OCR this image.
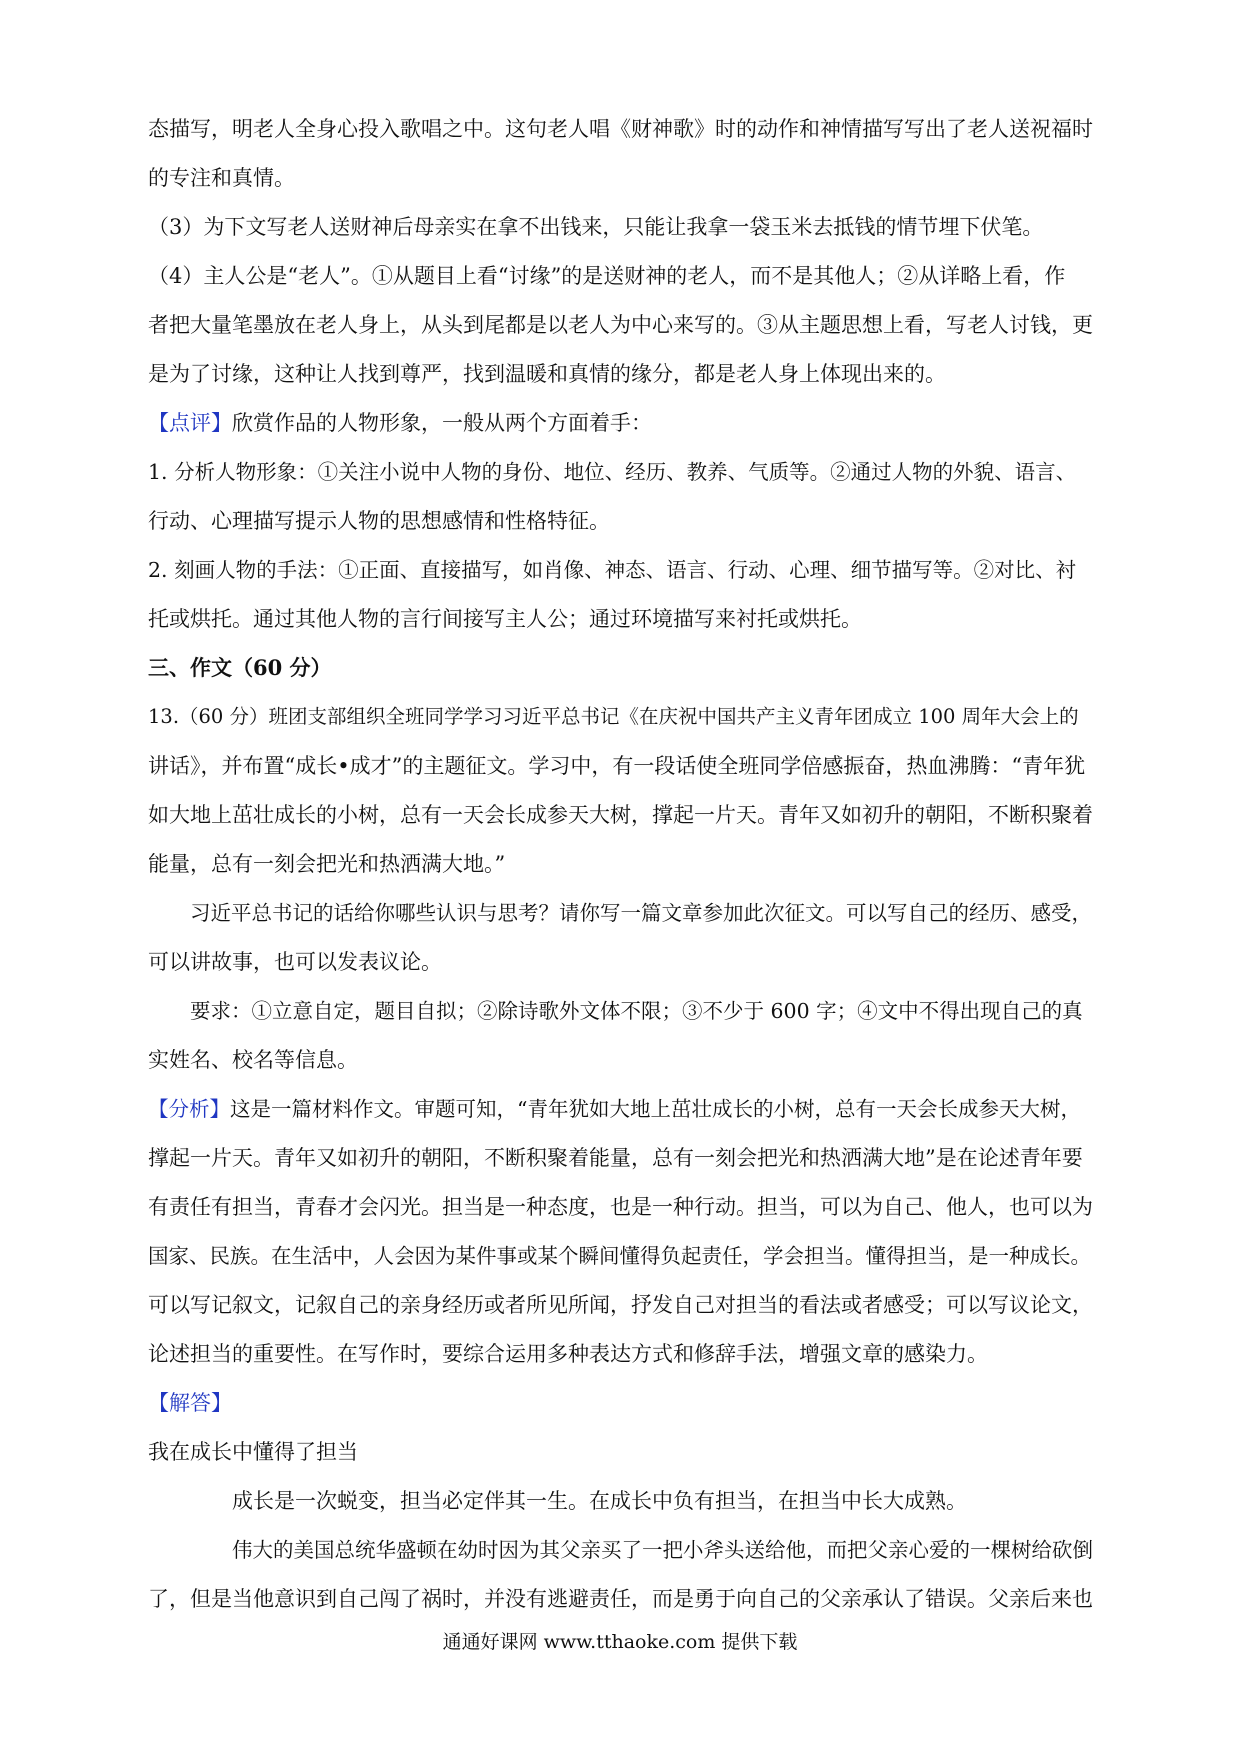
态描写，明老人全身心投入歌唱之中。这句老人唱《财神歌》时的动作和神情描写写出了老人送祝福时
的专注和真情。
（3）为下文写老人送财神后母亲实在拿不出钱来，只能让我拿一袋玉米去抵钱的情节埋下伏笔。
（4）主人公是“老人”。①从题目上看“讨缘”的是送财神的老人，而不是其他人；②从详略上看，作
者把大量笔墨放在老人身上，从头到尾都是以老人为中心来写的。③从主题思想上看，写老人讨钱，更
是为了讨缘，这种让人找到尊严，找到温暖和真情的缘分，都是老人身上体现出来的。
【点评】欣赏作品的人物形象，一般从两个方面着手：
1. 分析人物形象：①关注小说中人物的身份、地位、经历、教养、气质等。②通过人物的外貌、语言、
行动、心理描写提示人物的思想感情和性格特征。
2. 刻画人物的手法：①正面、直接描写，如肖像、神态、语言、行动、心理、细节描写等。②对比、衬
托或烘托。通过其他人物的言行间接写主人公；通过环境描写来衬托或烘托。
三、作文（60 分）
13.（60 分）班团支部组织全班同学学习习近平总书记《在庆祝中国共产主义青年团成立 100 周年大会上的
讲话》，并布置“成长•成才”的主题征文。学习中，有一段话使全班同学倍感振奋，热血沸腾：“青年犹
如大地上茁壮成长的小树，总有一天会长成参天大树，撑起一片天。青年又如初升的朝阳，不断积聚着
能量，总有一刻会把光和热洒满大地。”
习近平总书记的话给你哪些认识与思考？请你写一篇文章参加此次征文。可以写自己的经历、感受，
可以讲故事，也可以发表议论。
要求：①立意自定，题目自拟；②除诗歌外文体不限；③不少于 600 字；④文中不得出现自己的真
实姓名、校名等信息。
【分析】这是一篇材料作文。审题可知，“青年犹如大地上茁壮成长的小树，总有一天会长成参天大树，
撑起一片天。青年又如初升的朝阳，不断积聚着能量，总有一刻会把光和热洒满大地”是在论述青年要
有责任有担当，青春才会闪光。担当是一种态度，也是一种行动。担当，可以为自己、他人，也可以为
国家、民族。在生活中，人会因为某件事或某个瞬间懂得负起责任，学会担当。懂得担当，是一种成长。
可以写记叙文，记叙自己的亲身经历或者所见所闻，抒发自己对担当的看法或者感受；可以写议论文，
论述担当的重要性。在写作时，要综合运用多种表达方式和修辞手法，增强文章的感染力。
【解答】
我在成长中懂得了担当
成长是一次蜕变，担当必定伴其一生。在成长中负有担当，在担当中长大成熟。
伟大的美国总统华盛顿在幼时因为其父亲买了一把小斧头送给他，而把父亲心爱的一棵树给砍倒
了，但是当他意识到自己闯了祸时，并没有逃避责任，而是勇于向自己的父亲承认了错误。父亲后来也
通通好课网 www.tthaoke.com 提供下载
